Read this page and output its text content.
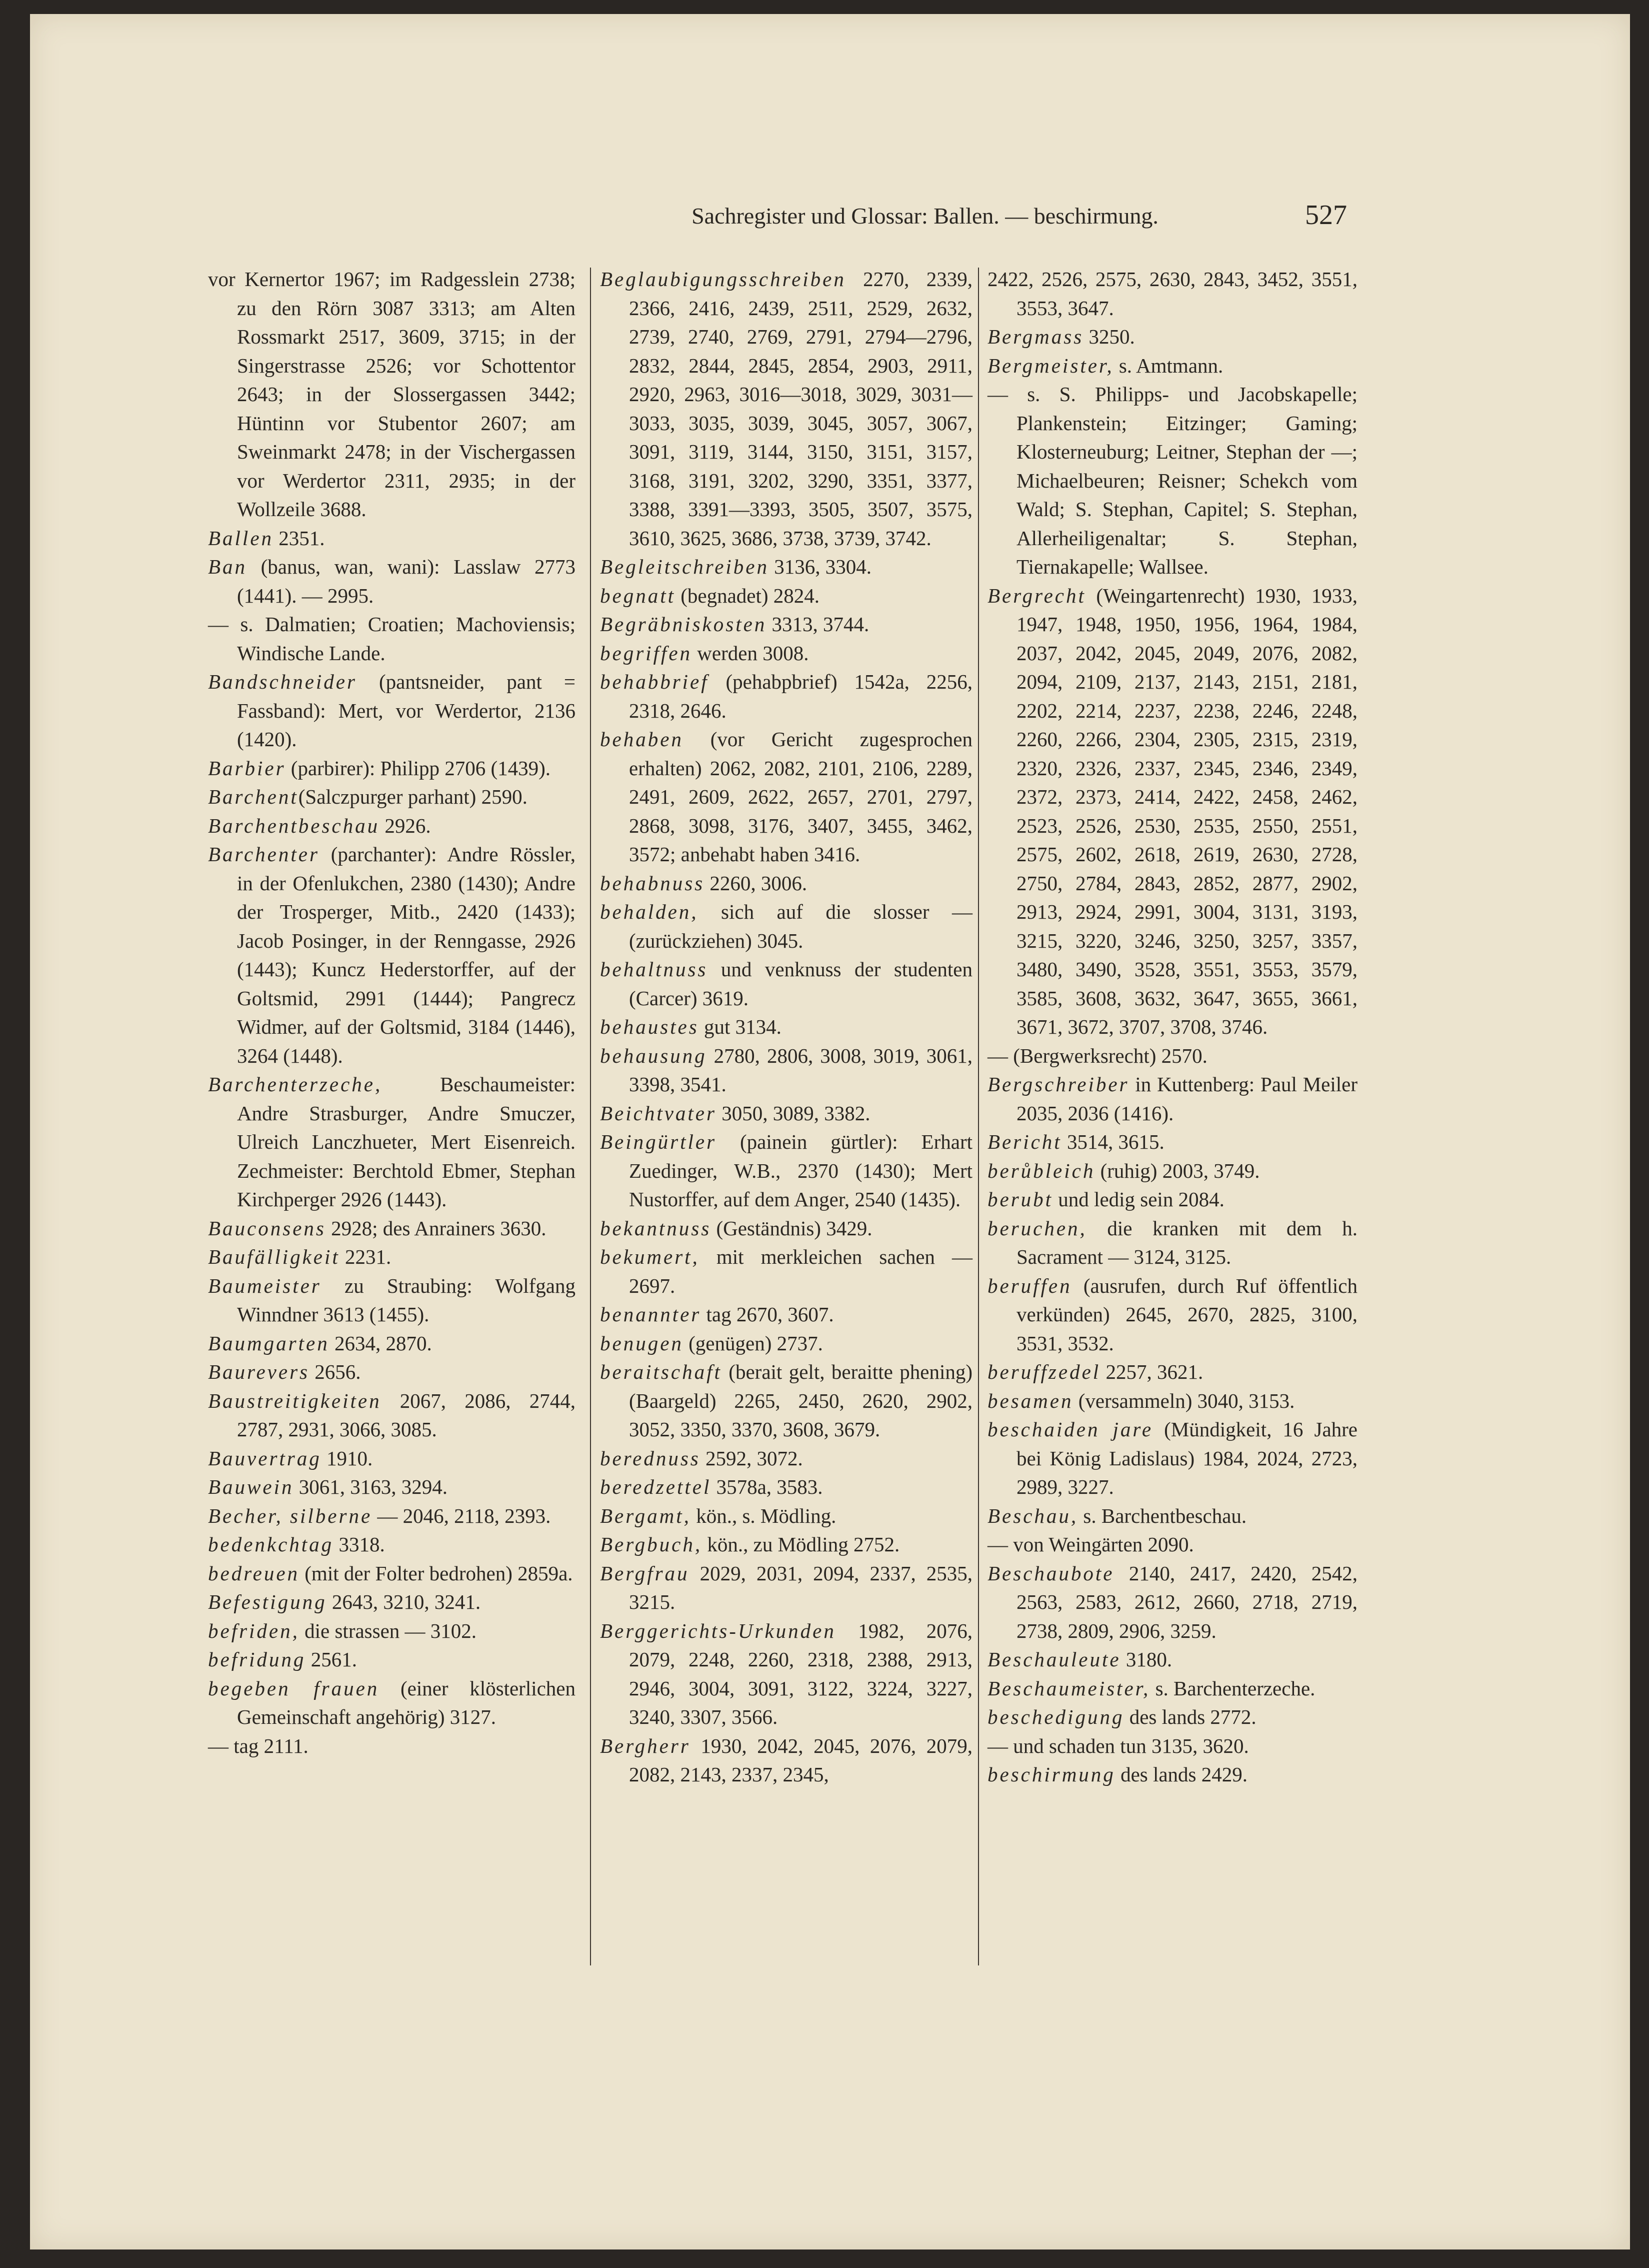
Sachregister und Glossar: Ballen. — beschirmung.	527
vor Kernertor 1967; im Radgesslein 2738; zu den Rörn 3087 3313; am Alten Rossmarkt 2517, 3609, 3715; in der Singerstrasse 2526; vor Schottentor 2643; in der Slossergassen 3442; Hüntinn vor Stubentor 2607; am Sweinmarkt 2478; in der Vischergassen vor Werdertor 2311, 2935; in der Wollzeile 3688.
Ballen 2351.
Ban (banus, wan, wani): Lasslaw 2773 (1441). — 2995.
— s. Dalmatien; Croatien; Machoviensis; Windische Lande.
Bandschneider (pantsneider, pant = Fassband): Mert, vor Werdertor, 2136 (1420).
Barbier (parbirer): Philipp 2706 (1439).
Barchent(Salczpurger parhant) 2590.
Barchentbeschau 2926.
Barchenter (parchanter): Andre Rössler, in der Ofenlukchen, 2380 (1430); Andre der Trosperger, Mitb., 2420 (1433); Jacob Posinger, in der Renngasse, 2926 (1443); Kuncz Hederstorffer, auf der Goltsmid, 2991 (1444); Pangrecz Widmer, auf der Goltsmid, 3184 (1446), 3264 (1448).
Barchenterzeche, Beschaumeister: Andre Strasburger, Andre Smuczer, Ulreich Lanczhueter, Mert Eisenreich. Zechmeister: Berchtold Ebmer, Stephan Kirchperger 2926 (1443).
Bauconsens 2928; des Anrainers 3630.
Baufälligkeit 2231.
Baumeister zu Straubing: Wolfgang Winndner 3613 (1455).
Baumgarten 2634, 2870.
Baurevers 2656.
Baustreitigkeiten 2067, 2086, 2744, 2787, 2931, 3066, 3085.
Bauvertrag 1910.
Bauwein 3061, 3163, 3294.
Becher, silberne — 2046, 2118, 2393.
bedenkchtag 3318.
bedreuen (mit der Folter bedrohen) 2859a.
Befestigung 2643, 3210, 3241.
befriden, die strassen — 3102.
befridung 2561.
begeben frauen (einer klösterlichen Gemeinschaft angehörig) 3127.
— tag 2111.
Beglaubigungsschreiben 2270, 2339, 2366, 2416, 2439, 2511, 2529, 2632, 2739, 2740, 2769, 2791, 2794—2796, 2832, 2844, 2845, 2854, 2903, 2911, 2920, 2963, 3016—3018, 3029, 3031—3033, 3035, 3039, 3045, 3057, 3067, 3091, 3119, 3144, 3150, 3151, 3157, 3168, 3191, 3202, 3290, 3351, 3377, 3388, 3391—3393, 3505, 3507, 3575, 3610, 3625, 3686, 3738, 3739, 3742.
Begleitschreiben 3136, 3304.
begnatt (begnadet) 2824.
Begräbniskosten 3313, 3744.
begriffen werden 3008.
behabbrief (pehabpbrief) 1542a, 2256, 2318, 2646.
behaben (vor Gericht zugesprochen erhalten) 2062, 2082, 2101, 2106, 2289, 2491, 2609, 2622, 2657, 2701, 2797, 2868, 3098, 3176, 3407, 3455, 3462, 3572; anbehabt haben 3416.
behabnuss 2260, 3006.
behalden, sich auf die slosser — (zurückziehen) 3045.
behaltnuss und venknuss der studenten (Carcer) 3619.
behaustes gut 3134.
behausung 2780, 2806, 3008, 3019, 3061, 3398, 3541.
Beichtvater 3050, 3089, 3382.
Beingürtler (painein gürtler): Erhart Zuedinger, W.B., 2370 (1430); Mert Nustorffer, auf dem Anger, 2540 (1435).
bekantnuss (Geständnis) 3429.
bekumert, mit merkleichen sachen — 2697.
benannter tag 2670, 3607.
benugen (genügen) 2737.
beraitschaft (berait gelt, beraitte phening) (Baargeld) 2265, 2450, 2620, 2902, 3052, 3350, 3370, 3608, 3679.
berednuss 2592, 3072.
beredzettel 3578a, 3583.
Bergamt, kön., s. Mödling.
Bergbuch, kön., zu Mödling 2752.
Bergfrau 2029, 2031, 2094, 2337, 2535, 3215.
Berggerichts-Urkunden 1982, 2076, 2079, 2248, 2260, 2318, 2388, 2913, 2946, 3004, 3091, 3122, 3224, 3227, 3240, 3307, 3566.
Bergherr 1930, 2042, 2045, 2076, 2079, 2082, 2143, 2337, 2345,
2422, 2526, 2575, 2630, 2843, 3452, 3551, 3553, 3647.
Bergmass 3250.
Bergmeister, s. Amtmann.
— s. S. Philipps- und Jacobskapelle; Plankenstein; Eitzinger; Gaming; Klosterneuburg; Leitner, Stephan der —; Michaelbeuren; Reisner; Schekch vom Wald; S. Stephan, Capitel; S. Stephan, Allerheiligenaltar; S. Stephan, Tiernakapelle; Wallsee.
Bergrecht (Weingartenrecht) 1930, 1933, 1947, 1948, 1950, 1956, 1964, 1984, 2037, 2042, 2045, 2049, 2076, 2082, 2094, 2109, 2137, 2143, 2151, 2181, 2202, 2214, 2237, 2238, 2246, 2248, 2260, 2266, 2304, 2305, 2315, 2319, 2320, 2326, 2337, 2345, 2346, 2349, 2372, 2373, 2414, 2422, 2458, 2462, 2523, 2526, 2530, 2535, 2550, 2551, 2575, 2602, 2618, 2619, 2630, 2728, 2750, 2784, 2843, 2852, 2877, 2902, 2913, 2924, 2991, 3004, 3131, 3193, 3215, 3220, 3246, 3250, 3257, 3357, 3480, 3490, 3528, 3551, 3553, 3579, 3585, 3608, 3632, 3647, 3655, 3661, 3671, 3672, 3707, 3708, 3746.
— (Bergwerksrecht) 2570.
Bergschreiber in Kuttenberg: Paul Meiler 2035, 2036 (1416).
Bericht 3514, 3615.
berůbleich (ruhig) 2003, 3749.
berubt und ledig sein 2084.
beruchen, die kranken mit dem h. Sacrament — 3124, 3125.
beruffen (ausrufen, durch Ruf öffentlich verkünden) 2645, 2670, 2825, 3100, 3531, 3532.
beruffzedel 2257, 3621.
besamen (versammeln) 3040, 3153.
beschaiden jare (Mündigkeit, 16 Jahre bei König Ladislaus) 1984, 2024, 2723, 2989, 3227.
Beschau, s. Barchentbeschau.
— von Weingärten 2090.
Beschaubote 2140, 2417, 2420, 2542, 2563, 2583, 2612, 2660, 2718, 2719, 2738, 2809, 2906, 3259.
Beschauleute 3180.
Beschaumeister, s. Barchenterzeche.
beschedigung des lands 2772.
— und schaden tun 3135, 3620.
beschirmung des lands 2429.
